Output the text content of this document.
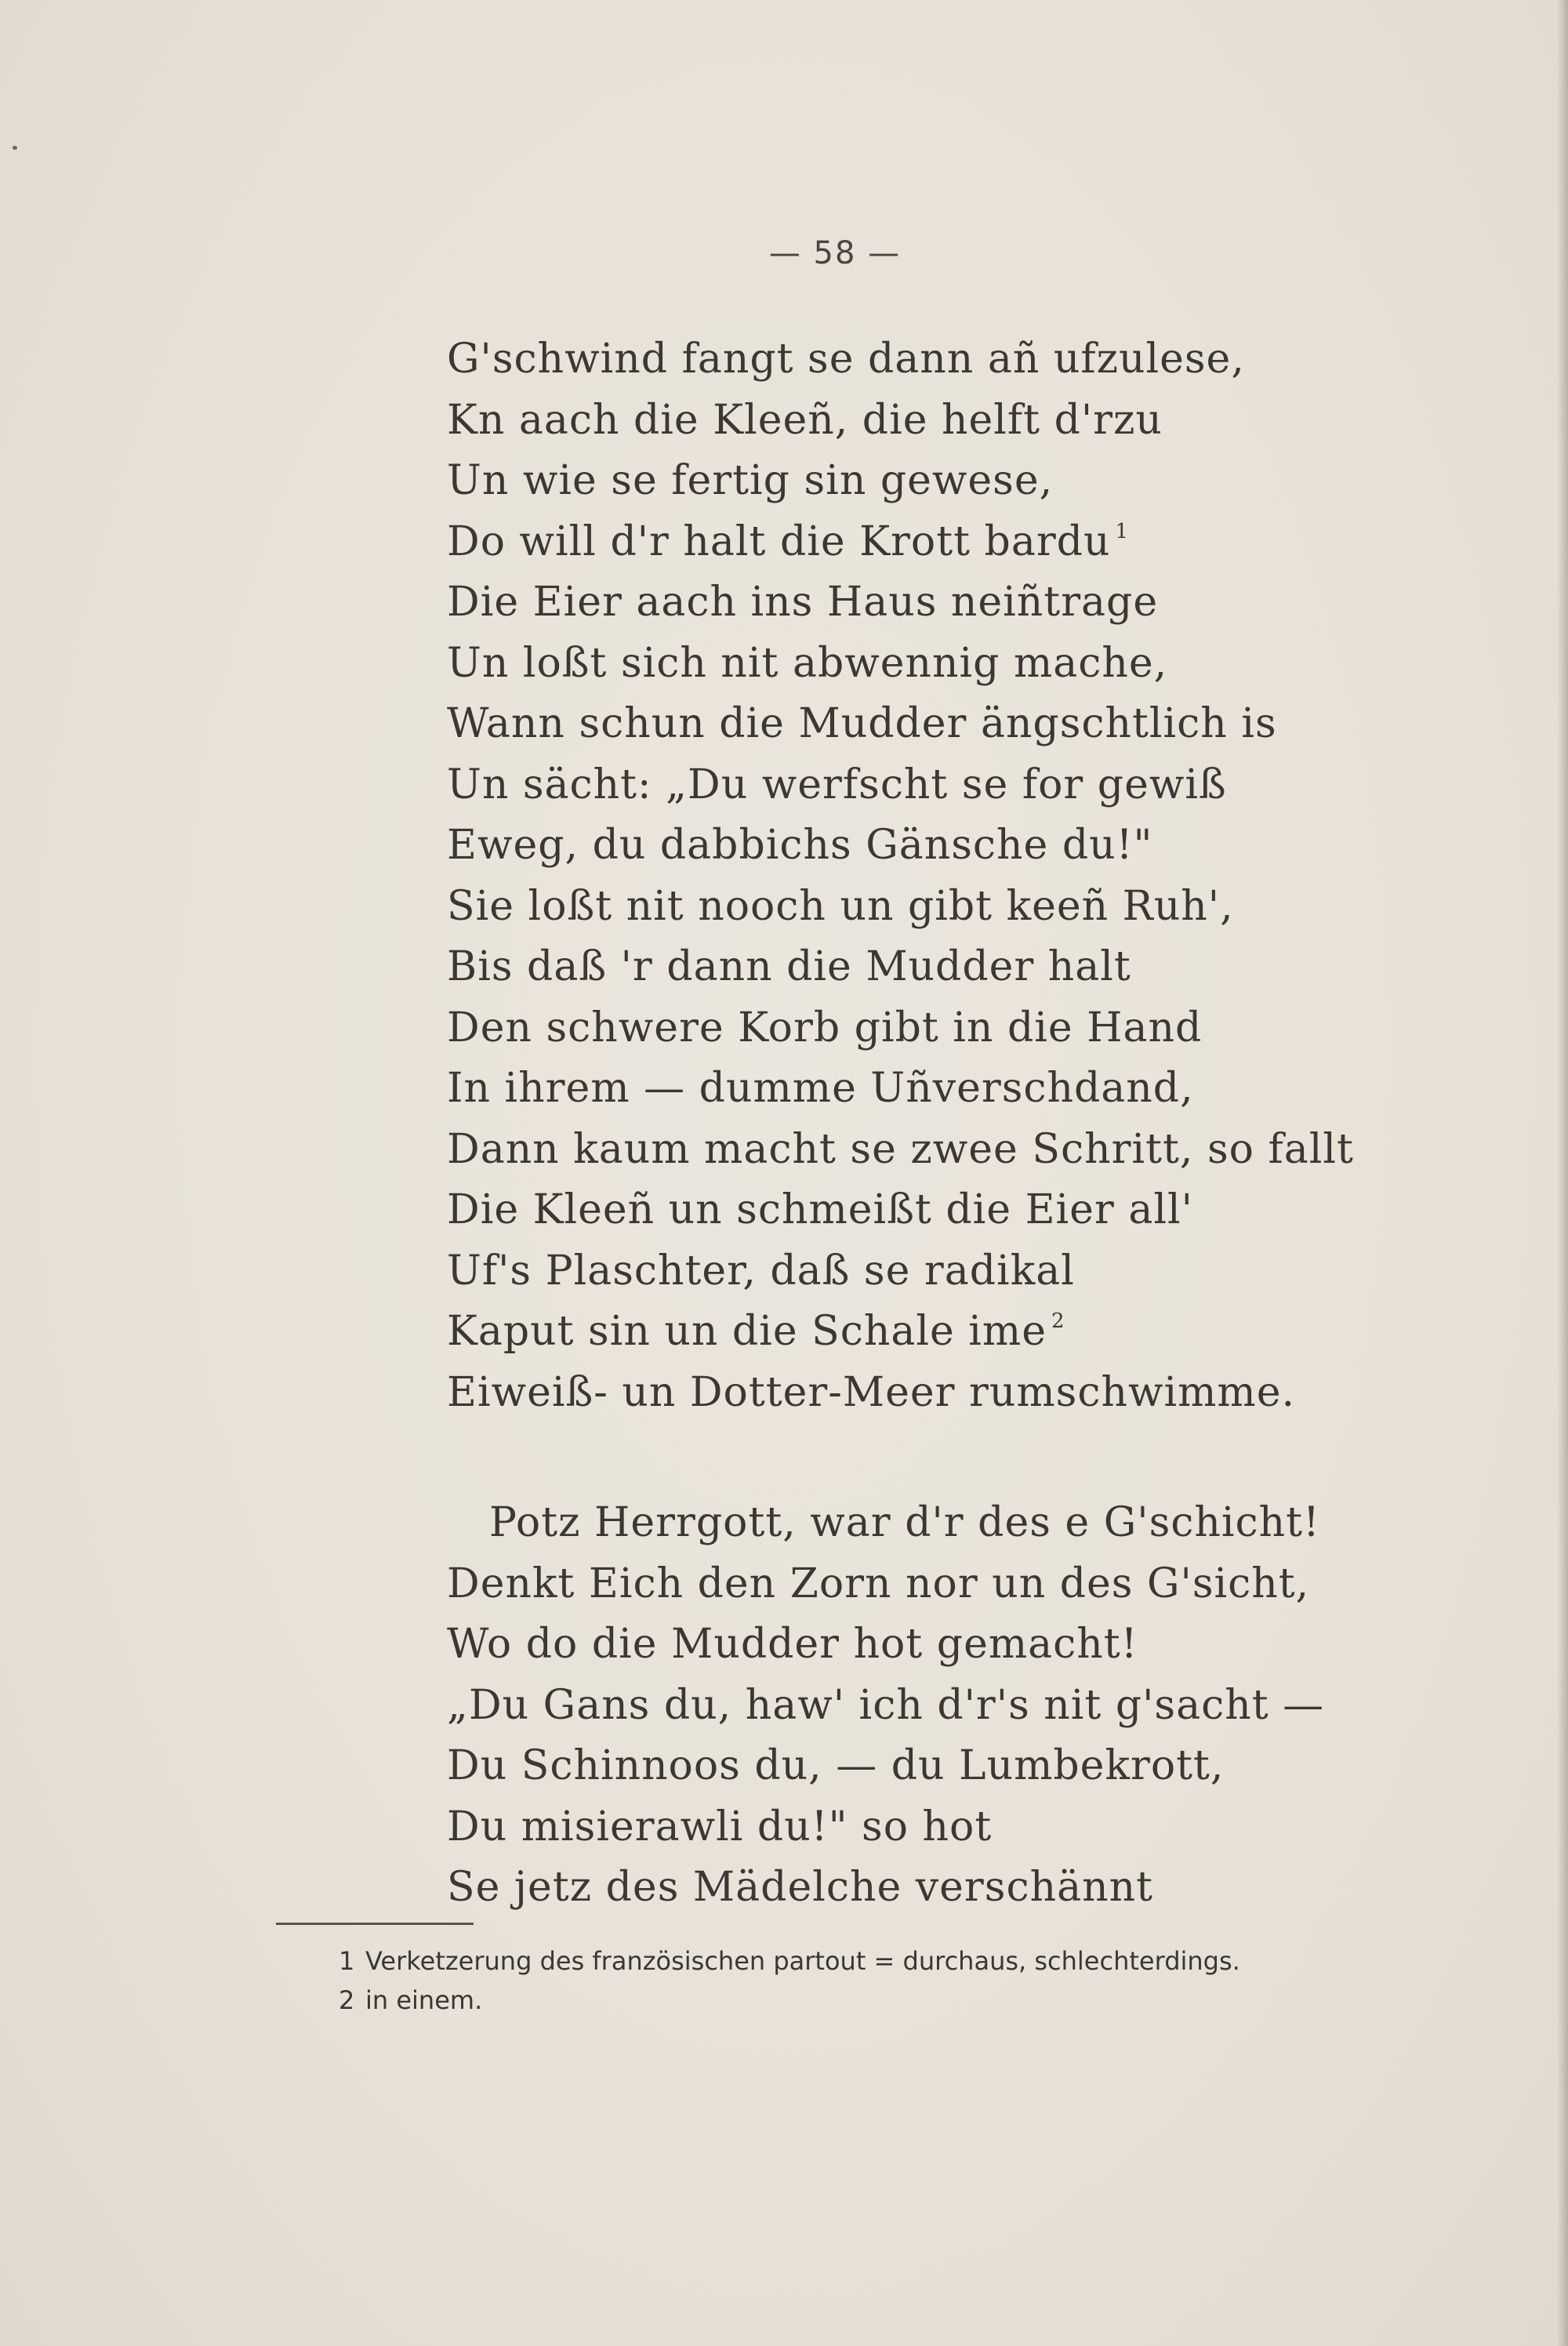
— 58 —
G'schwind fangt se dann añ ufzulese,
Kn aach die Kleeñ, die helft d'rzu
Un wie se fertig sin gewese,
Do will d'r halt die Krott bardu $^1$
Die Eier aach ins Haus neiñtrage
Un loßt sich nit abwennig mache,
Wann schun die Mudder ängschtlich is
Un sächt: „Du werfscht se for gewiß
Eweg, du dabbichs Gänsche du!"
Sie loßt nit nooch un gibt keeñ Ruh',
Bis daß 'r dann die Mudder halt
Den schwere Korb gibt in die Hand
In ihrem — dumme Uñverschdand,
Dann kaum macht se zwee Schritt, so fallt
Die Kleeñ un schmeißt die Eier all'
Uf's Plaschter, daß se radikal
Kaput sin un die Schale ime $^2$
Eiweiß- un Dotter-Meer rumschwimme.
Potz Herrgott, war d'r des e G'schicht!
Denkt Eich den Zorn nor un des G'sicht,
Wo do die Mudder hot gemacht!
„Du Gans du, haw' ich d'r's nit g'sacht —
Du Schinnoos du, — du Lumbekrott,
Du misierawli du!" so hot
Se jetz des Mädelche verschännt
1 Verketzerung des französischen partout = durchaus, schlechterdings.
2 in einem.
